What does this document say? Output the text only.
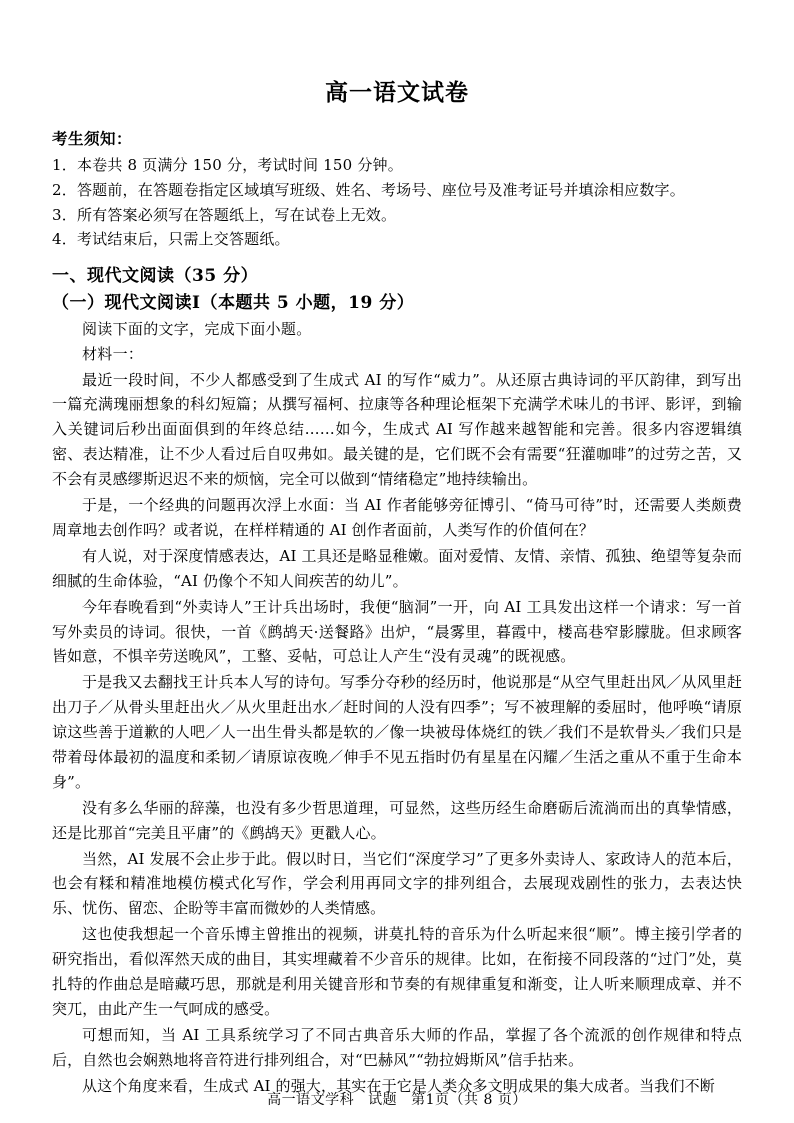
高一语文试卷
考生须知：

1．本卷共 8 页满分 150 分，考试时间 150 分钟。

2．答题前，在答题卷指定区域填写班级、姓名、考场号、座位号及准考证号并填涂相应数字。

3．所有答案必须写在答题纸上，写在试卷上无效。

4．考试结束后，只需上交答题纸。

一、现代文阅读（35 分）
（一）现代文阅读Ⅰ（本题共 5 小题，19 分）

阅读下面的文字，完成下面小题。

材料一：

最近一段时间，不少人都感受到了生成式 AI 的写作“威力”。从还原古典诗词的平仄韵律，到写出一篇充满瑰丽想象的科幻短篇；从撰写福柯、拉康等各种理论框架下充满学术味儿的书评、影评，到输入关键词后秒出面面俱到的年终总结……如今，生成式 AI 写作越来越智能和完善。很多内容逻辑缜密、表达精准，让不少人看过后自叹弗如。最关键的是，它们既不会有需要“狂灌咖啡”的过劳之苦，又不会有灵感缪斯迟迟不来的烦恼，完全可以做到“情绪稳定”地持续输出。

于是，一个经典的问题再次浮上水面：当 AI 作者能够旁征博引、“倚马可待”时，还需要人类颇费周章地去创作吗？或者说，在样样精通的 AI 创作者面前，人类写作的价值何在？

有人说，对于深度情感表达，AI 工具还是略显稚嫩。面对爱情、友情、亲情、孤独、绝望等复杂而细腻的生命体验，“AI 仍像个不知人间疾苦的幼儿”。

今年春晚看到“外卖诗人”王计兵出场时，我便“脑洞”一开，向 AI 工具发出这样一个请求：写一首写外卖员的诗词。很快，一首《鹧鸪天·送餐路》出炉，“晨雾里，暮霞中，楼高巷窄影朦胧。但求顾客皆如意，不惧辛劳送晚风”，工整、妥帖，可总让人产生“没有灵魂”的既视感。

于是我又去翻找王计兵本人写的诗句。写季分夺秒的经历时，他说那是“从空气里赶出风／从风里赶出刀子／从骨头里赶出火／从火里赶出水／赶时间的人没有四季”；写不被理解的委屈时，他呼唤“请原谅这些善于道歉的人吧／人一出生骨头都是软的／像一块被母体烧红的铁／我们不是软骨头／我们只是带着母体最初的温度和柔韧／请原谅夜晚／伸手不见五指时仍有星星在闪耀／生活之重从不重于生命本身”。

没有多么华丽的辞藻，也没有多少哲思道理，可显然，这些历经生命磨砺后流淌而出的真挚情感，还是比那首“完美且平庸”的《鹧鸪天》更戳人心。

当然，AI 发展不会止步于此。假以时日，当它们“深度学习”了更多外卖诗人、家政诗人的范本后，也会有糅和精准地模仿模式化写作，学会利用再同文字的排列组合，去展现戏剧性的张力，去表达快乐、忧伤、留恋、企盼等丰富而微妙的人类情感。

这也使我想起一个音乐博主曾推出的视频，讲莫扎特的音乐为什么听起来很“顺”。博主接引学者的研究指出，看似浑然天成的曲目，其实埋藏着不少音乐的规律。比如，在衔接不同段落的“过门”处，莫扎特的作曲总是暗藏巧思，那就是利用关键音形和节奏的有规律重复和渐变，让人听来顺理成章、并不突兀，由此产生一气呵成的感受。

可想而知，当 AI 工具系统学习了不同古典音乐大师的作品，掌握了各个流派的创作规律和特点后，自然也会娴熟地将音符进行排列组合，对“巴赫风”“勃拉姆斯风”信手拈来。

从这个角度来看，生成式 AI 的强大，其实在于它是人类众多文明成果的集大成者。当我们不断

高一语文学科 试题 第1页（共 8 页）
